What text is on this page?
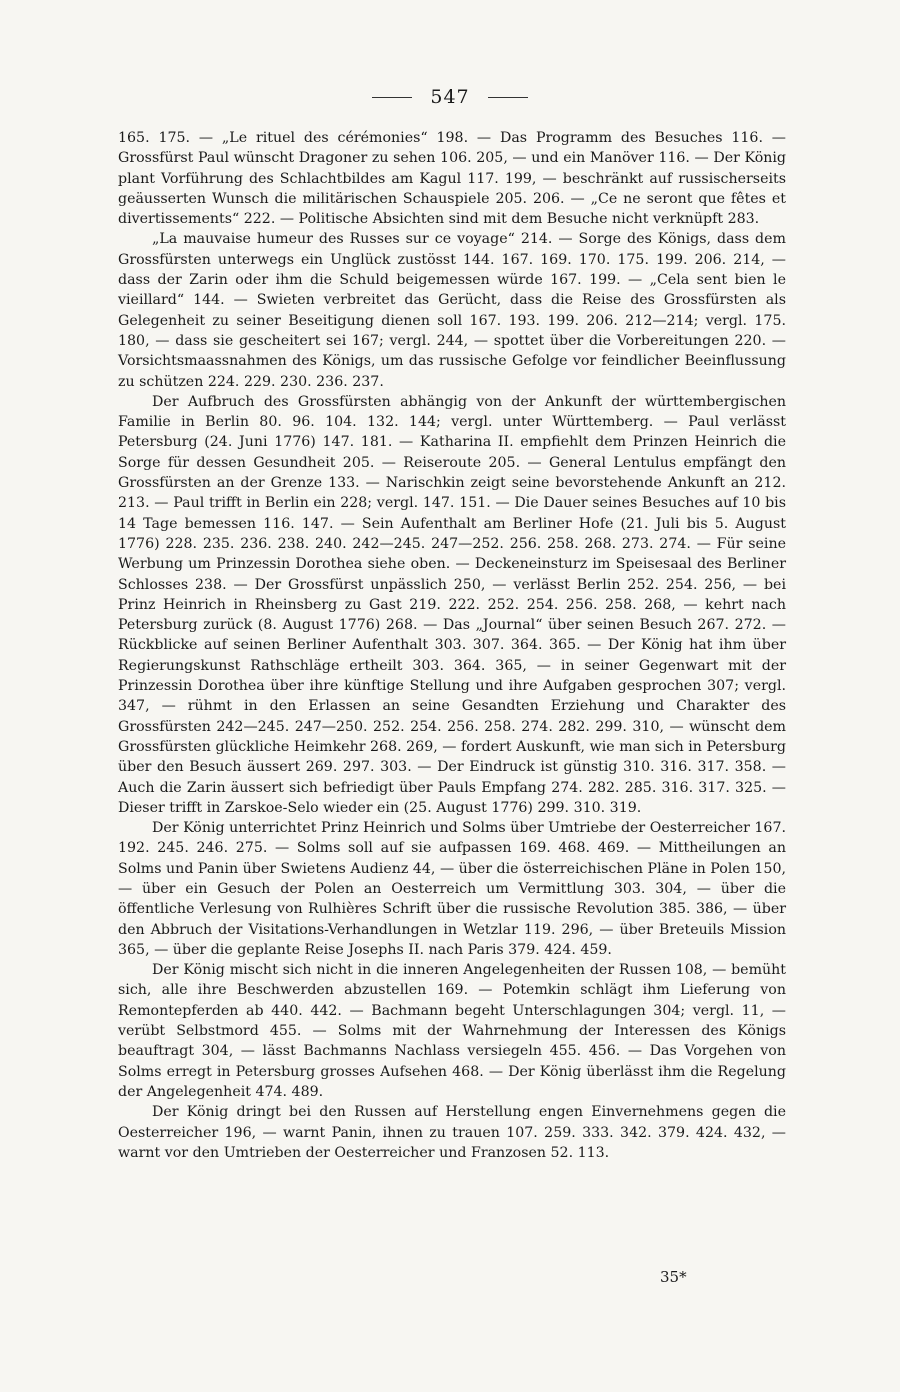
547

165. 175. — „Le rituel des cérémonies“ 198. — Das Programm des Besuches 116. — Grossfürst Paul wünscht Dragoner zu sehen 106. 205, — und ein Manöver 116. — Der König plant Vorführung des Schlachtbildes am Kagul 117. 199, — beschränkt auf russischerseits geäusserten Wunsch die militärischen Schauspiele 205. 206. — „Ce ne seront que fêtes et divertissements“ 222. — Politische Absichten sind mit dem Besuche nicht verknüpft 283.

„La mauvaise humeur des Russes sur ce voyage“ 214. — Sorge des Königs, dass dem Grossfürsten unterwegs ein Unglück zustösst 144. 167. 169. 170. 175. 199. 206. 214, — dass der Zarin oder ihm die Schuld beigemessen würde 167. 199. — „Cela sent bien le vieillard“ 144. — Swieten verbreitet das Gerücht, dass die Reise des Grossfürsten als Gelegenheit zu seiner Beseitigung dienen soll 167. 193. 199. 206. 212—214; vergl. 175. 180, — dass sie gescheitert sei 167; vergl. 244, — spottet über die Vorbereitungen 220. — Vorsichtsmaassnahmen des Königs, um das russische Gefolge vor feindlicher Beeinflussung zu schützen 224. 229. 230. 236. 237.

Der Aufbruch des Grossfürsten abhängig von der Ankunft der württembergischen Familie in Berlin 80. 96. 104. 132. 144; vergl. unter Württemberg. — Paul verlässt Petersburg (24. Juni 1776) 147. 181. — Katharina II. empfiehlt dem Prinzen Heinrich die Sorge für dessen Gesundheit 205. — Reiseroute 205. — General Lentulus empfängt den Grossfürsten an der Grenze 133. — Narischkin zeigt seine bevorstehende Ankunft an 212. 213. — Paul trifft in Berlin ein 228; vergl. 147. 151. — Die Dauer seines Besuches auf 10 bis 14 Tage bemessen 116. 147. — Sein Aufenthalt am Berliner Hofe (21. Juli bis 5. August 1776) 228. 235. 236. 238. 240. 242—245. 247—252. 256. 258. 268. 273. 274. — Für seine Werbung um Prinzessin Dorothea siehe oben. — Deckeneinsturz im Speisesaal des Berliner Schlosses 238. — Der Grossfürst unpässlich 250, — verlässt Berlin 252. 254. 256, — bei Prinz Heinrich in Rheinsberg zu Gast 219. 222. 252. 254. 256. 258. 268, — kehrt nach Petersburg zurück (8. August 1776) 268. — Das „Journal“ über seinen Besuch 267. 272. — Rückblicke auf seinen Berliner Aufenthalt 303. 307. 364. 365. — Der König hat ihm über Regierungskunst Rathschläge ertheilt 303. 364. 365, — in seiner Gegenwart mit der Prinzessin Dorothea über ihre künftige Stellung und ihre Aufgaben gesprochen 307; vergl. 347, — rühmt in den Erlassen an seine Gesandten Erziehung und Charakter des Grossfürsten 242—245. 247—250. 252. 254. 256. 258. 274. 282. 299. 310, — wünscht dem Grossfürsten glückliche Heimkehr 268. 269, — fordert Auskunft, wie man sich in Petersburg über den Besuch äussert 269. 297. 303. — Der Eindruck ist günstig 310. 316. 317. 358. — Auch die Zarin äussert sich befriedigt über Pauls Empfang 274. 282. 285. 316. 317. 325. — Dieser trifft in Zarskoe-Selo wieder ein (25. August 1776) 299. 310. 319.

Der König unterrichtet Prinz Heinrich und Solms über Umtriebe der Oesterreicher 167. 192. 245. 246. 275. — Solms soll auf sie aufpassen 169. 468. 469. — Mittheilungen an Solms und Panin über Swietens Audienz 44, — über die österreichischen Pläne in Polen 150, — über ein Gesuch der Polen an Oesterreich um Vermittlung 303. 304, — über die öffentliche Verlesung von Rulhières Schrift über die russische Revolution 385. 386, — über den Abbruch der Visitations-Verhandlungen in Wetzlar 119. 296, — über Breteuils Mission 365, — über die geplante Reise Josephs II. nach Paris 379. 424. 459.

Der König mischt sich nicht in die inneren Angelegenheiten der Russen 108, — bemüht sich, alle ihre Beschwerden abzustellen 169. — Potemkin schlägt ihm Lieferung von Remontepferden ab 440. 442. — Bachmann begeht Unterschlagungen 304; vergl. 11, — verübt Selbstmord 455. — Solms mit der Wahrnehmung der Interessen des Königs beauftragt 304, — lässt Bachmanns Nachlass versiegeln 455. 456. — Das Vorgehen von Solms erregt in Petersburg grosses Aufsehen 468. — Der König überlässt ihm die Regelung der Angelegenheit 474. 489.

Der König dringt bei den Russen auf Herstellung engen Einvernehmens gegen die Oesterreicher 196, — warnt Panin, ihnen zu trauen 107. 259. 333. 342. 379. 424. 432, — warnt vor den Umtrieben der Oesterreicher und Franzosen 52. 113.

35*
